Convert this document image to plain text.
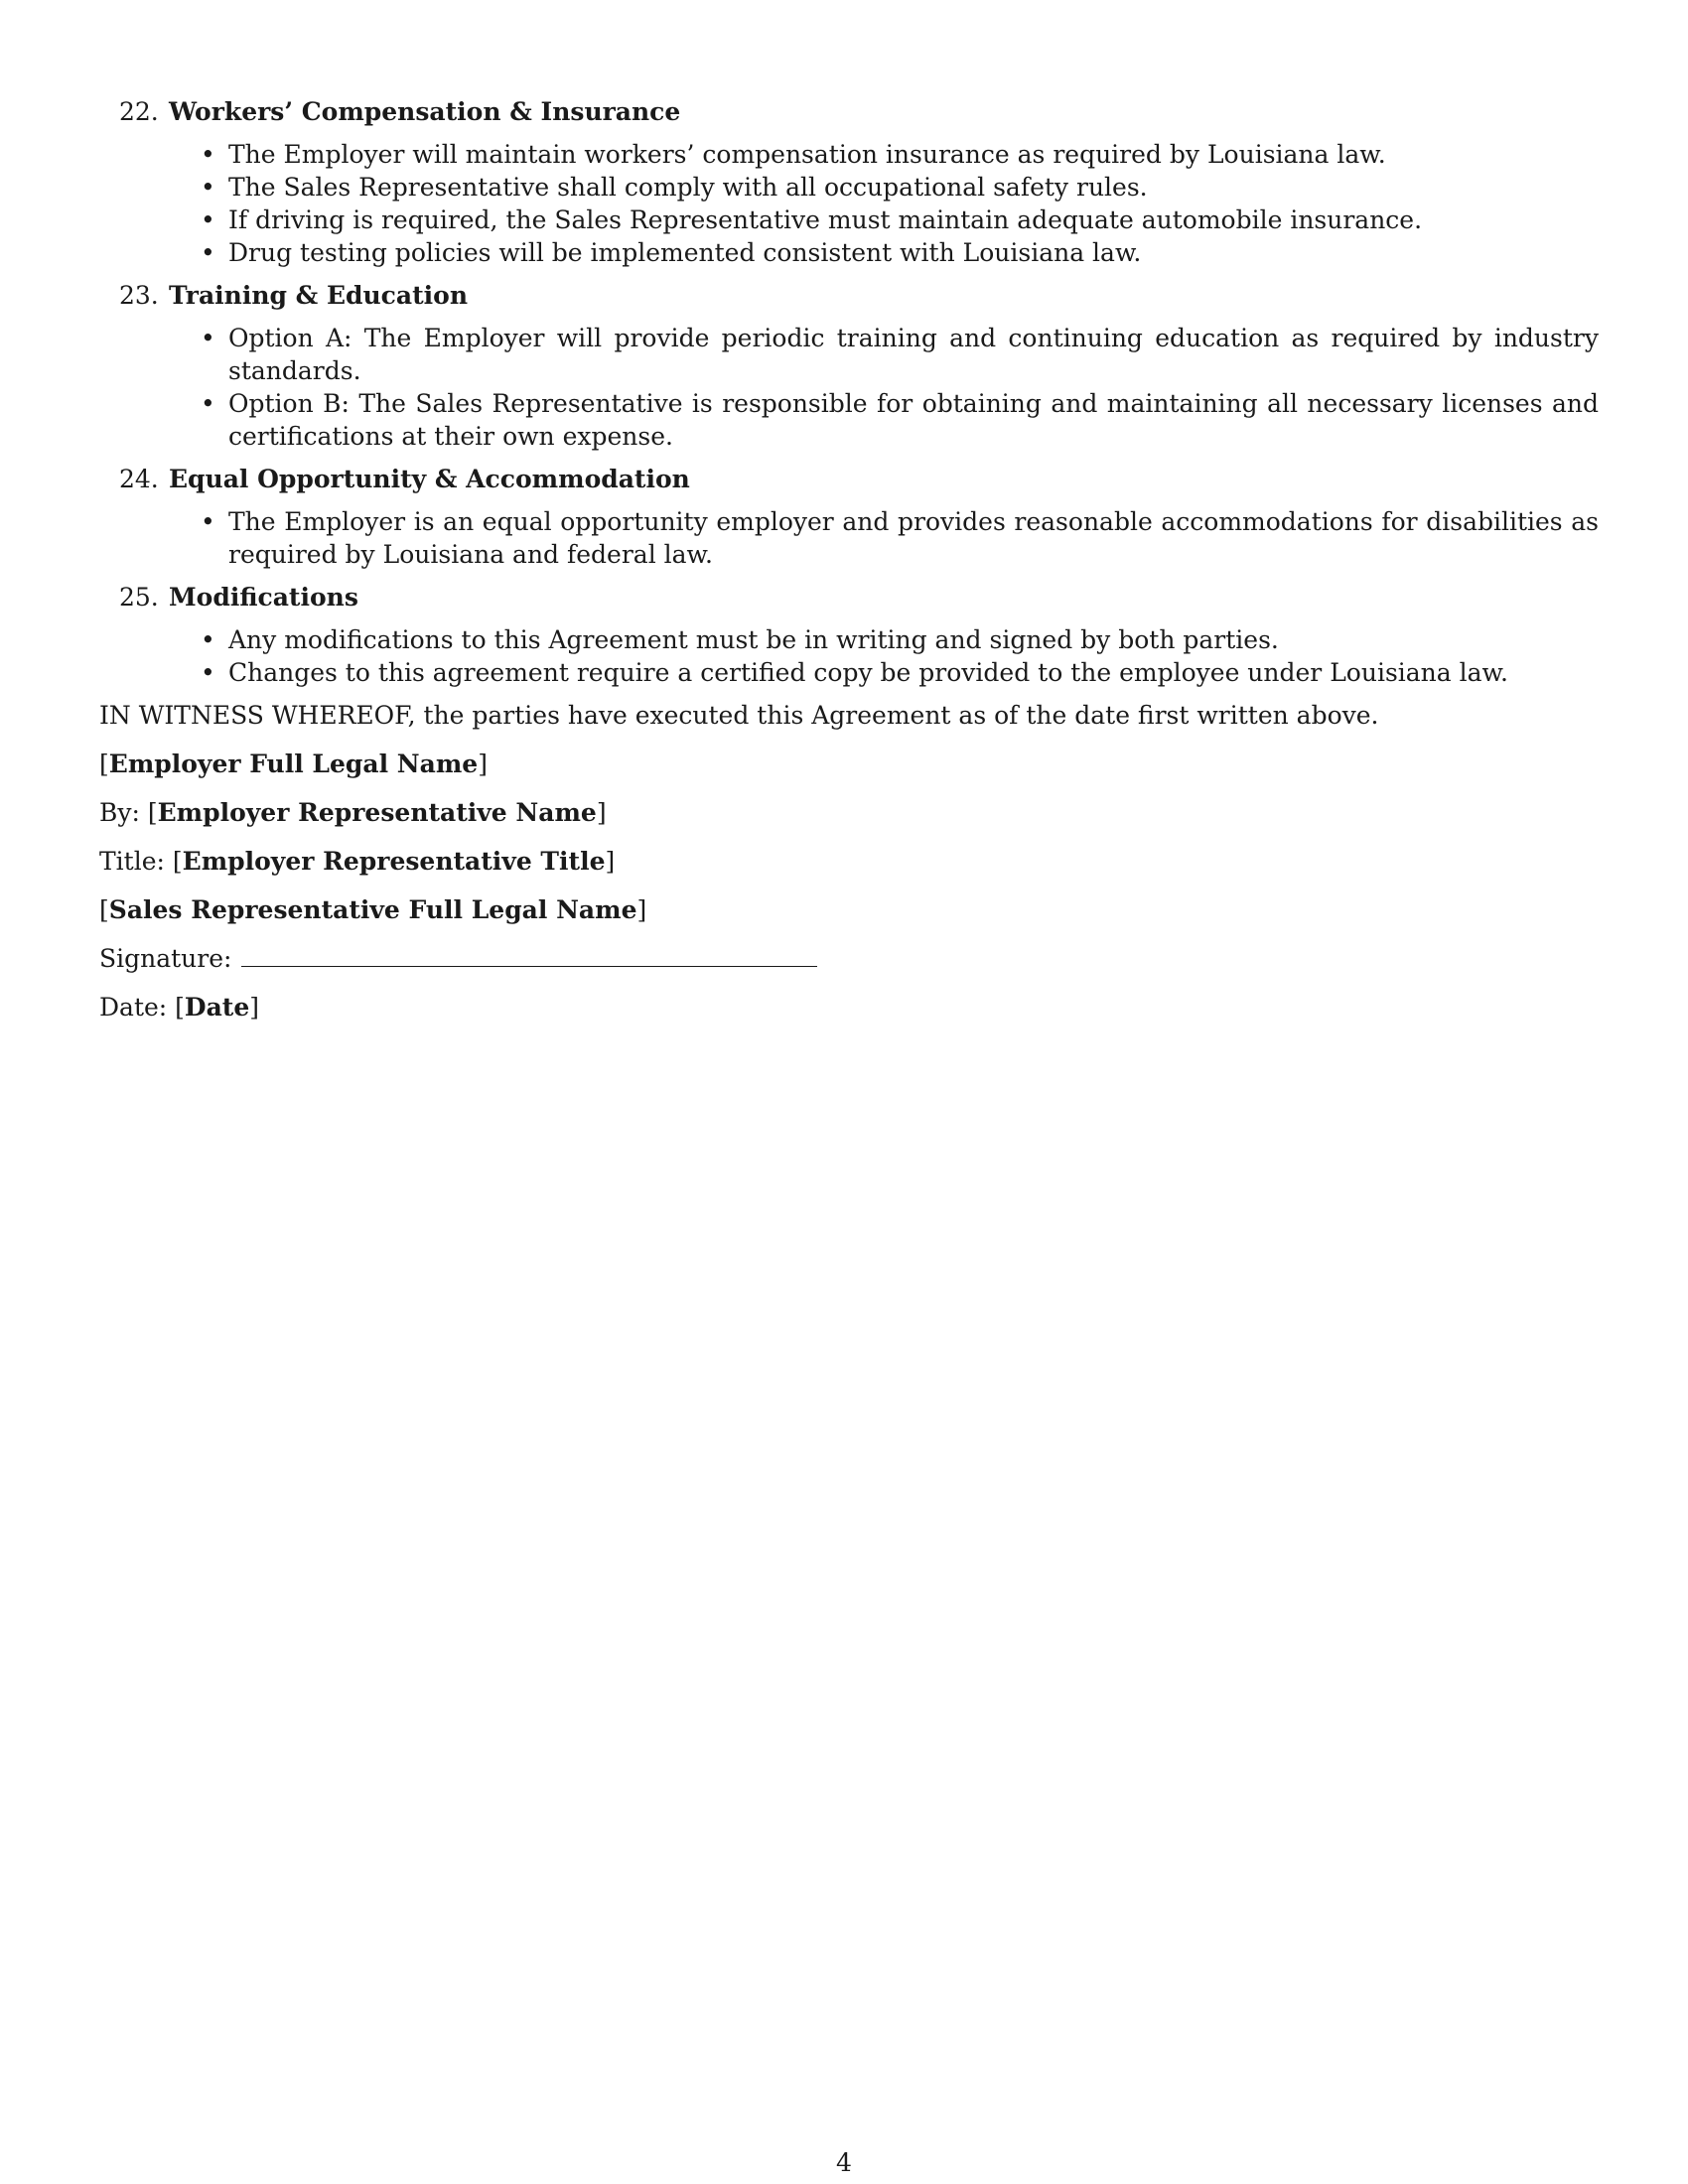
22. Workers’ Compensation & Insurance
• The Employer will maintain workers’ compensation insurance as required by Louisiana law.
• The Sales Representative shall comply with all occupational safety rules.
• If driving is required, the Sales Representative must maintain adequate automobile insurance.
• Drug testing policies will be implemented consistent with Louisiana law.
23. Training & Education
• Option A: The Employer will provide periodic training and continuing education as required by industry standards.
• Option B: The Sales Representative is responsible for obtaining and maintaining all necessary licenses and certifications at their own expense.
24. Equal Opportunity & Accommodation
• The Employer is an equal opportunity employer and provides reasonable accommodations for disabilities as required by Louisiana and federal law.
25. Modifications
• Any modifications to this Agreement must be in writing and signed by both parties.
• Changes to this agreement require a certified copy be provided to the employee under Louisiana law.
IN WITNESS WHEREOF, the parties have executed this Agreement as of the date first written above.
[Employer Full Legal Name]
By: [Employer Representative Name]
Title: [Employer Representative Title]
[Sales Representative Full Legal Name]
Signature:
Date: [Date]
4
